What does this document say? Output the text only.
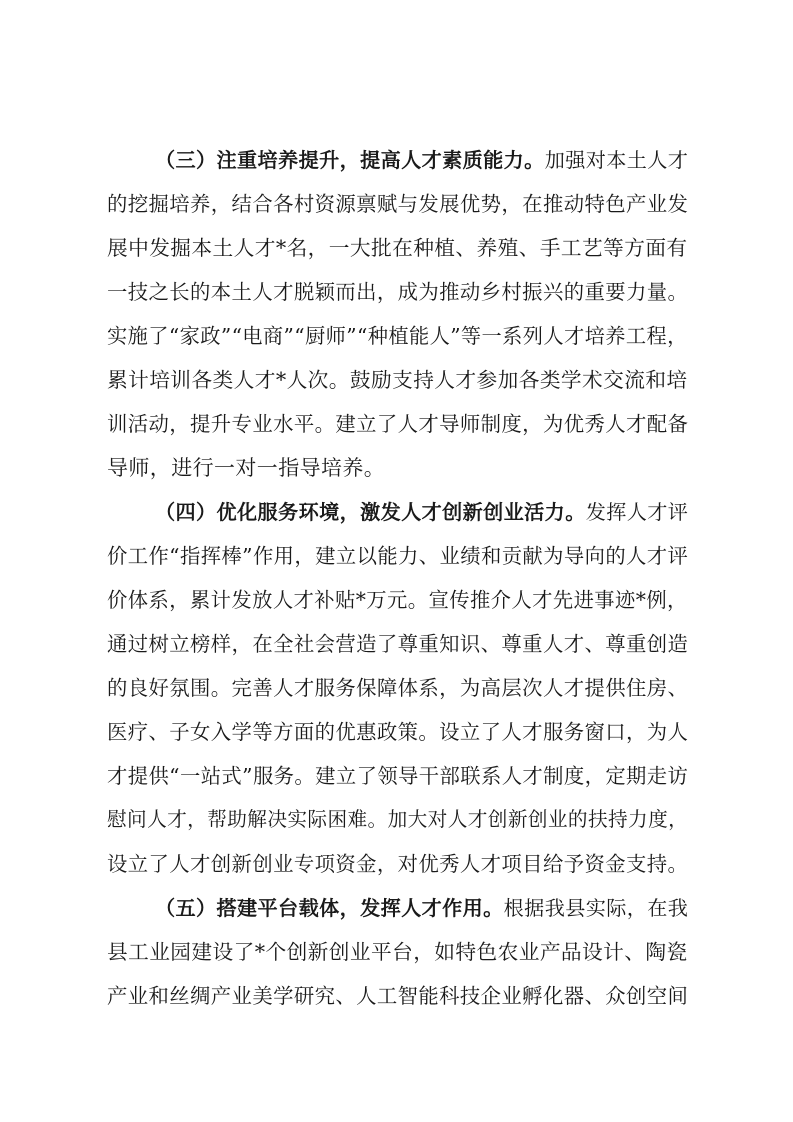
（三）注重培养提升，提高人才素质能力。加强对本土人才
的挖掘培养，结合各村资源禀赋与发展优势，在推动特色产业发
展中发掘本土人才*名，一大批在种植、养殖、手工艺等方面有
一技之长的本土人才脱颖而出，成为推动乡村振兴的重要力量。
实施了“家政”“电商”“厨师”“种植能人”等一系列人才培养工程，
累计培训各类人才*人次。鼓励支持人才参加各类学术交流和培
训活动，提升专业水平。建立了人才导师制度，为优秀人才配备
导师，进行一对一指导培养。
（四）优化服务环境，激发人才创新创业活力。发挥人才评
价工作“指挥棒”作用，建立以能力、业绩和贡献为导向的人才评
价体系，累计发放人才补贴*万元。宣传推介人才先进事迹*例，
通过树立榜样，在全社会营造了尊重知识、尊重人才、尊重创造
的良好氛围。完善人才服务保障体系，为高层次人才提供住房、
医疗、子女入学等方面的优惠政策。设立了人才服务窗口，为人
才提供“一站式”服务。建立了领导干部联系人才制度，定期走访
慰问人才，帮助解决实际困难。加大对人才创新创业的扶持力度，
设立了人才创新创业专项资金，对优秀人才项目给予资金支持。
（五）搭建平台载体，发挥人才作用。根据我县实际，在我
县工业园建设了*个创新创业平台，如特色农业产品设计、陶瓷
产业和丝绸产业美学研究、人工智能科技企业孵化器、众创空间
